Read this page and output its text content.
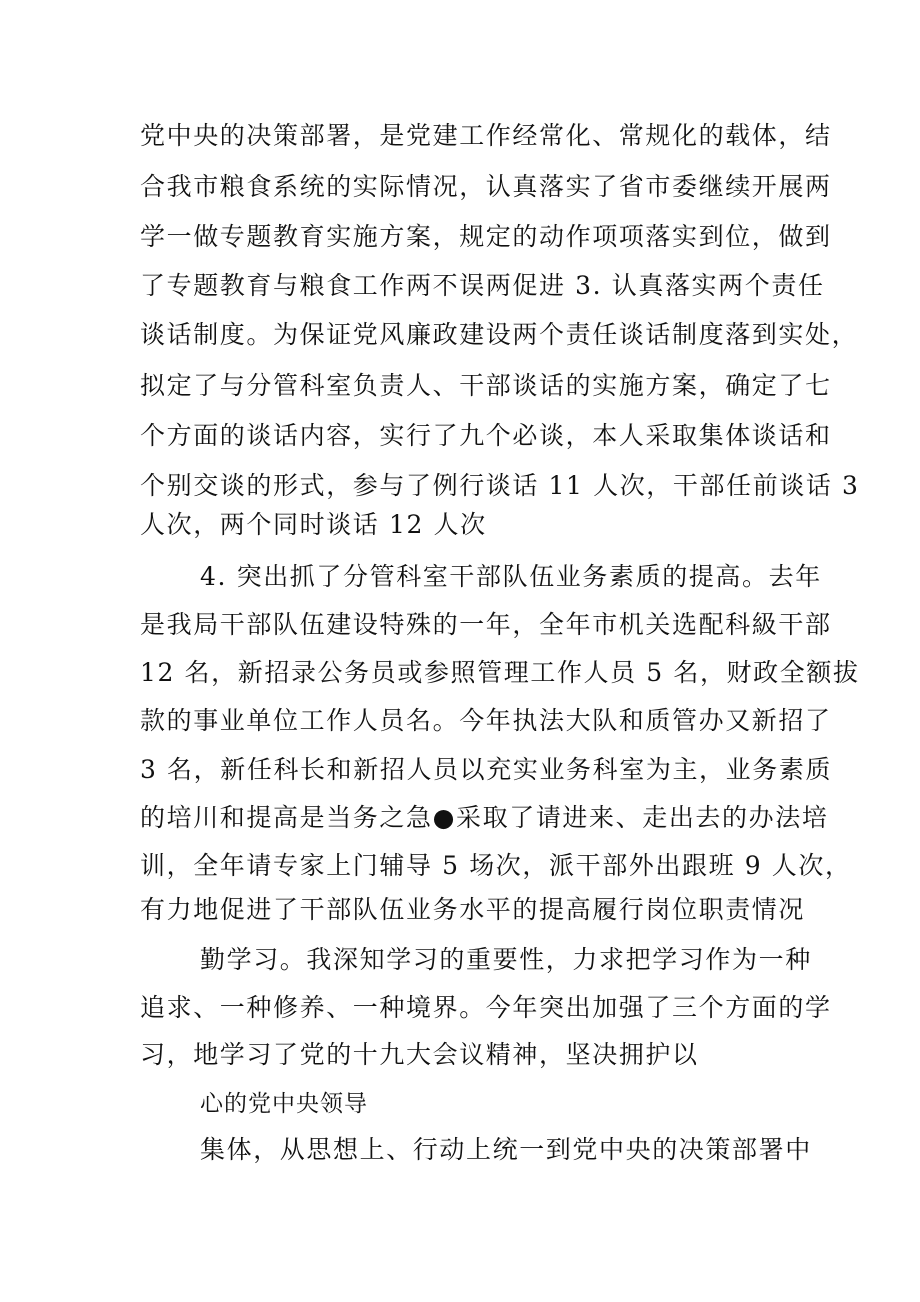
党中央的决策部署，是党建工作经常化、常规化的载体，结
合我市粮食系统的实际情况，认真落实了省市委继续开展两
学一做专题教育实施方案，规定的动作项项落实到位，做到
了专题教育与粮食工作两不误两促进 3. 认真落实两个责任
谈话制度。为保证党风廉政建设两个责任谈话制度落到实处，
拟定了与分管科室负责人、干部谈话的实施方案，确定了七
个方面的谈话内容，实行了九个必谈，本人采取集体谈话和
个别交谈的形式，参与了例行谈话 11 人次，干部任前谈话 3
人次，两个同时谈话 12 人次
4. 突出抓了分管科室干部队伍业务素质的提高。去年
是我局干部队伍建设特殊的一年，全年市机关选配科級干部
12 名，新招录公务员或参照管理工作人员 5 名，财政全额拔
款的事业单位工作人员名。今年执法大队和质管办又新招了
3 名，新任科长和新招人员以充实业务科室为主，业务素质
的培川和提高是当务之急●采取了请进来、走出去的办法培
训，全年请专家上门辅导 5 场次，派干部外出跟班 9 人次，
有力地促进了干部队伍业务水平的提高履行岗位职责情况
勤学习。我深知学习的重要性，力求把学习作为一种
追求、一种修养、一种境界。今年突出加强了三个方面的学
习，地学习了党的十九大会议精神，坚决拥护以
心的党中央领导
集体，从思想上、行动上统一到党中央的决策部署中
